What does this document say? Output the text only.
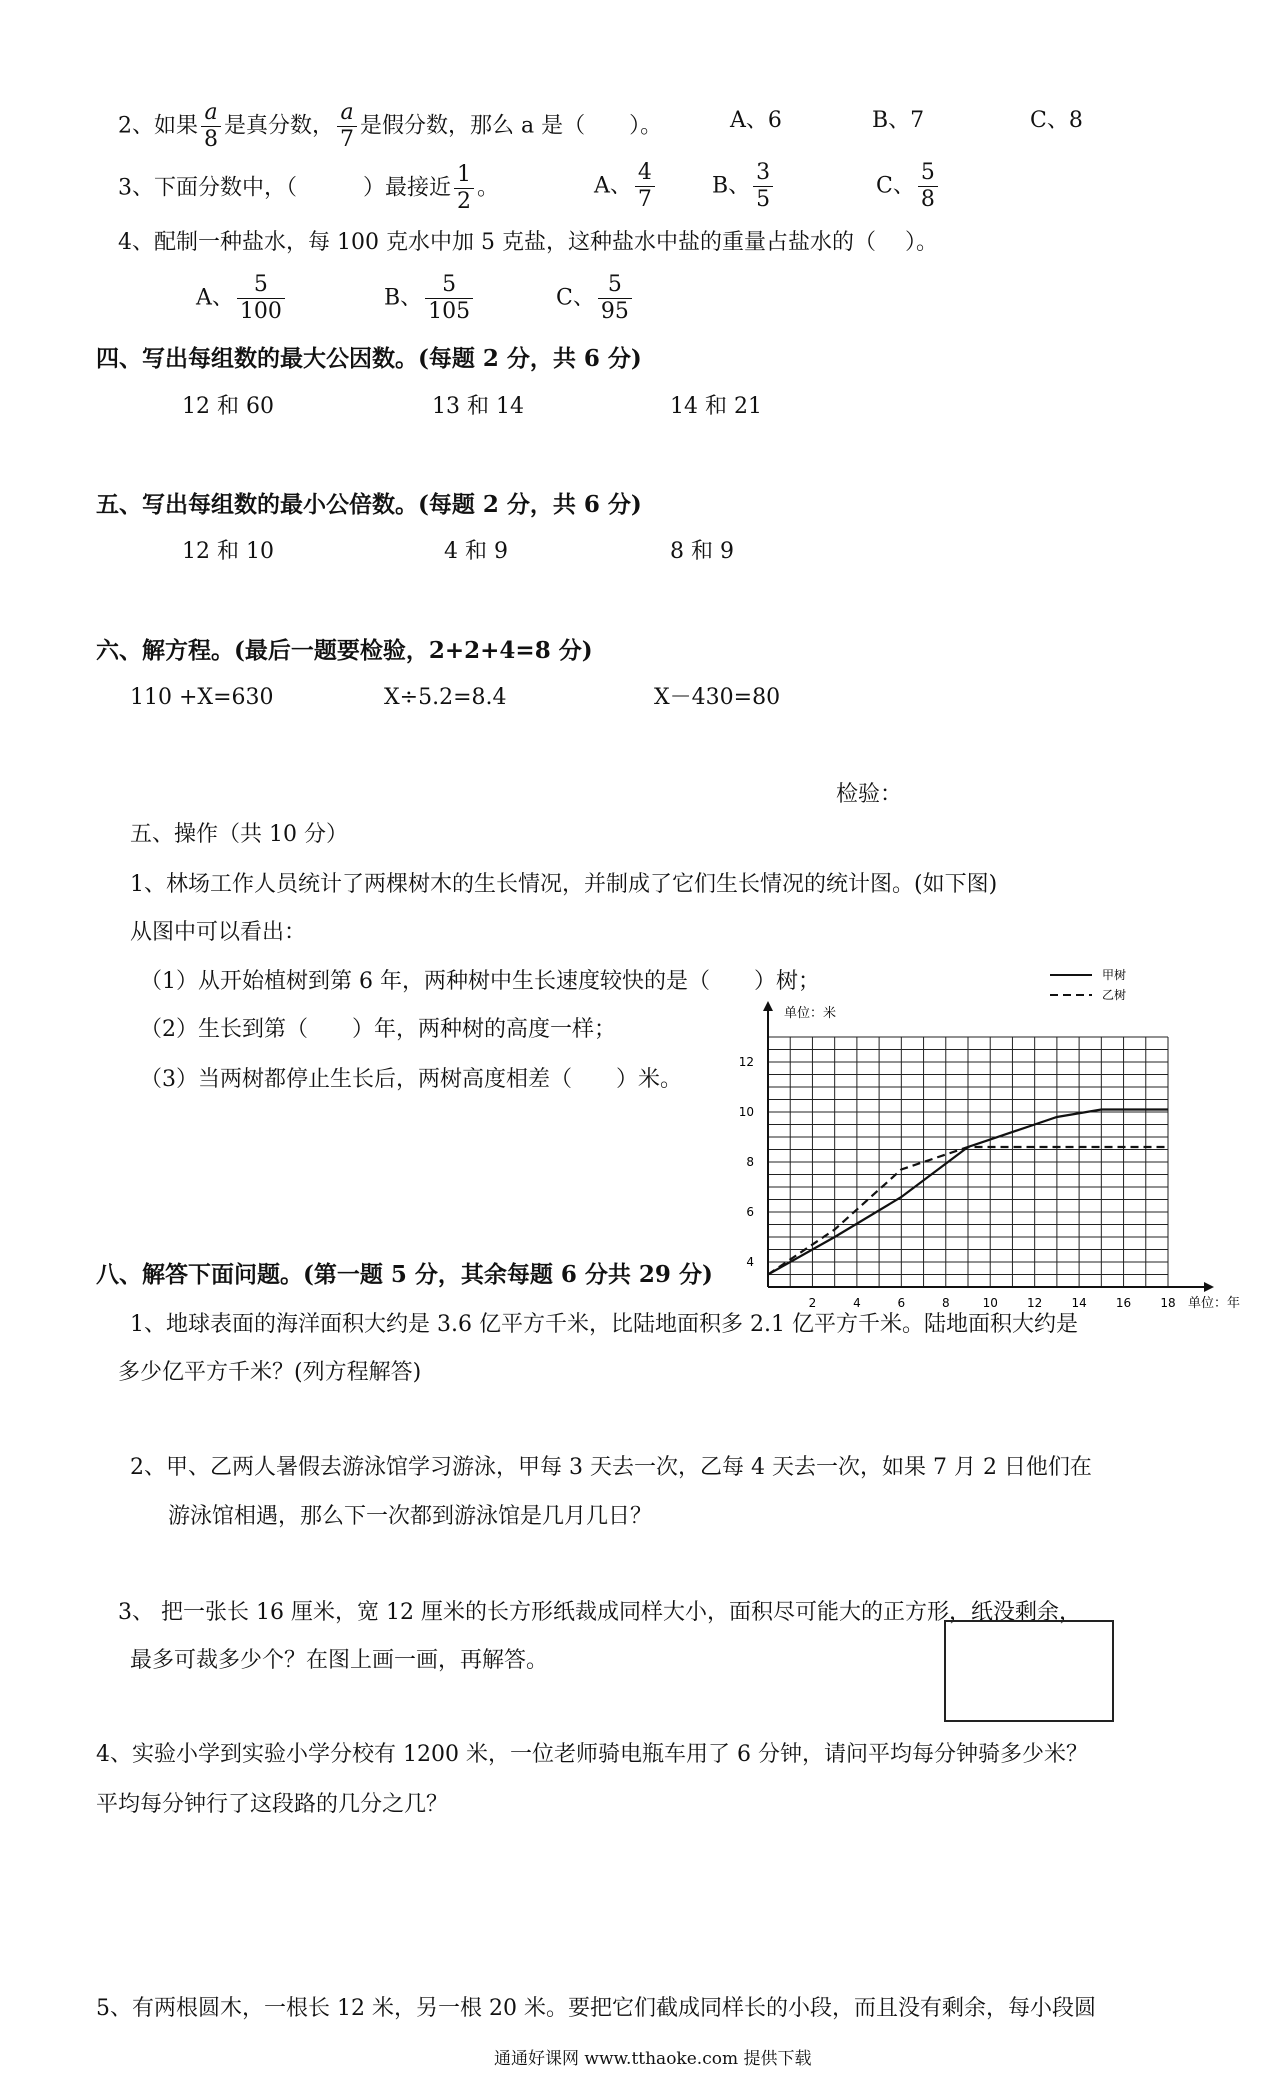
2、如果 $\frac{a}{8}$ 是真分数， $\frac{a}{7}$ 是假分数，那么 a 是（　　）。	A、6	B、7	C、8
3、下面分数中，（　　　）最接近 $\frac{1}{2}$ 。	A、 $\frac{4}{7}$	B、 $\frac{3}{5}$	C、 $\frac{5}{8}$
4、配制一种盐水，每 100 克水中加 5 克盐，这种盐水中盐的重量占盐水的（　 ）。
A、 $\frac{5}{100}$	B、 $\frac{5}{105}$	C、 $\frac{5}{95}$
四、写出每组数的最大公因数。(每题 2 分，共 6 分)
12 和 60	13 和 14	14 和 21
五、写出每组数的最小公倍数。(每题 2 分，共 6 分)
12 和 10	4 和 9	8 和 9
六、解方程。(最后一题要检验，2+2+4=8 分)
110 +X=630	X÷5.2=8.4	X－430=80
检验：
五、操作（共 10 分）
1、林场工作人员统计了两棵树木的生长情况，并制成了它们生长情况的统计图。(如下图)
从图中可以看出：
（1）从开始植树到第 6 年，两种树中生长速度较快的是（　　）树；
（2）生长到第（　　）年，两种树的高度一样；
（3）当两树都停止生长后，两树高度相差（　　）米。
2	4	6	8	10 12 14 16 18
4
6
8
10
12
甲树
乙树
单位：米
单位：年
八、解答下面问题。(第一题 5 分，其余每题 6 分共 29 分)
1、地球表面的海洋面积大约是 3.6 亿平方千米，比陆地面积多 2.1 亿平方千米。陆地面积大约是
多少亿平方千米？(列方程解答)
2、甲、乙两人暑假去游泳馆学习游泳，甲每 3 天去一次，乙每 4 天去一次，如果 7 月 2 日他们在
游泳馆相遇，那么下一次都到游泳馆是几月几日？
3、 把一张长 16 厘米，宽 12 厘米的长方形纸裁成同样大小，面积尽可能大的正方形，纸没剩余，
最多可裁多少个？在图上画一画，再解答。
4、实验小学到实验小学分校有 1200 米，一位老师骑电瓶车用了 6 分钟，请问平均每分钟骑多少米？
平均每分钟行了这段路的几分之几？
5、有两根圆木，一根长 12 米，另一根 20 米。要把它们截成同样长的小段，而且没有剩余，每小段圆
通通好课网 www.tthaoke.com 提供下载
